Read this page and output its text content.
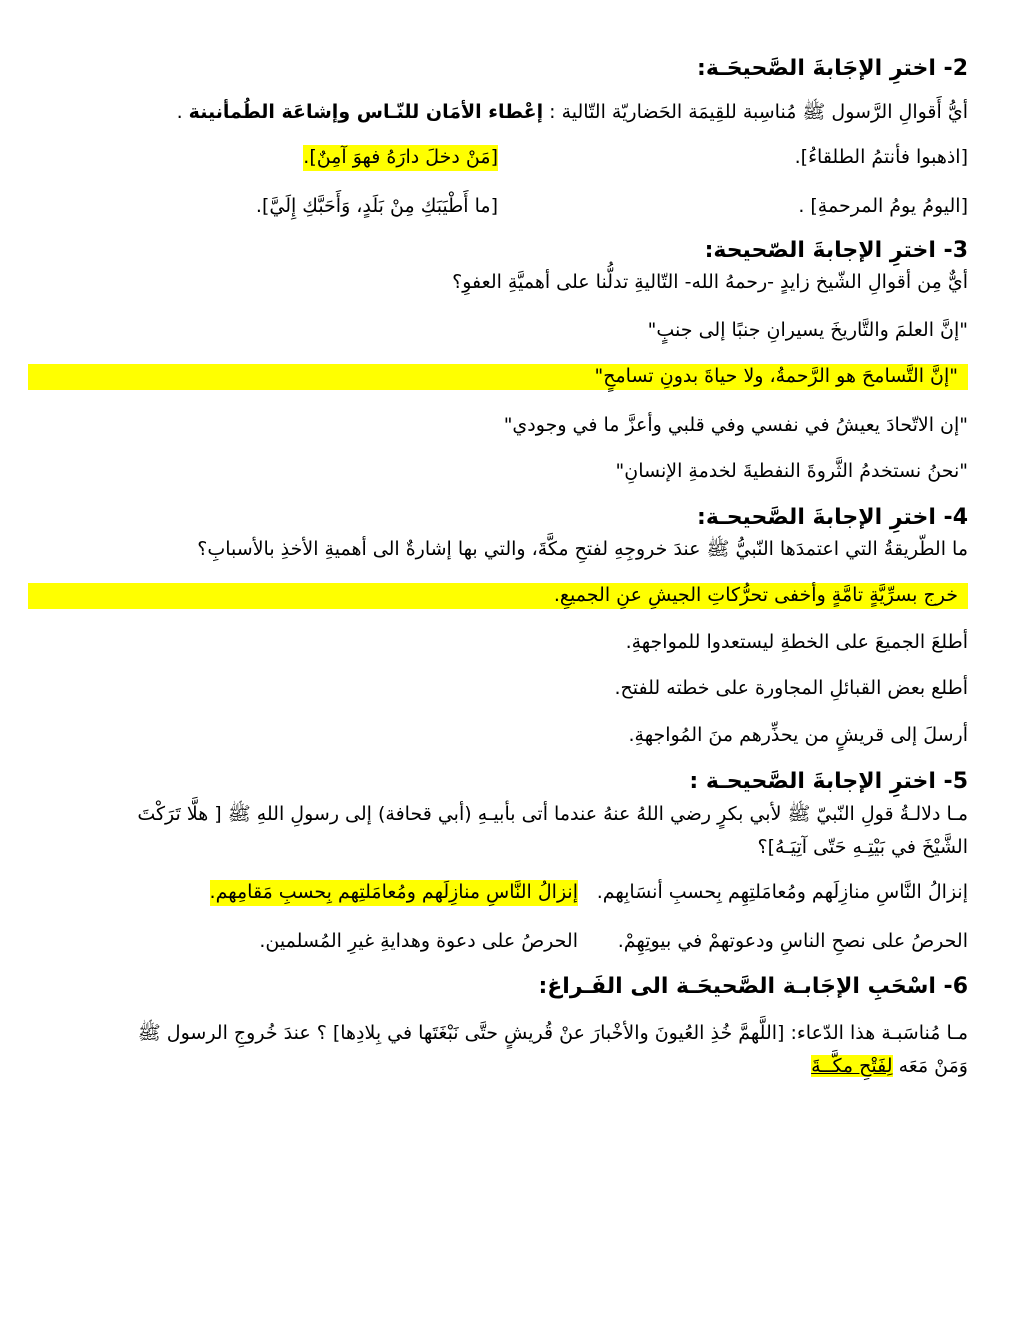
2- اخترِ الإجَابةَ الصَّحيحَـة:
أيُّ أَقوالِ الرَّسول ﷺ مُناسِبة للقِيمَة الحَضاريّة التّالية : إعْطاء الأمَان للنّـاس وإشاعَة الطُمأنينة .
[اذهبوا فأنتمُ الطلقاءُ].[مَنْ دخلَ دارَهُ فهوَ آمِنٌ].
[اليومُ يومُ المرحمةِ] .[ما أَطْيَبَكِ مِنْ بَلَدٍ، وَأَحَبَّكِ إِلَيَّ].
3- اخترِ الإجابةَ الصّحيحة:
أيٌّ مِن أقوالِ الشّيخ زايدٍ -رحمهُ الله- التّاليةِ تدلُّنا على أهميَّةِ العفوِ؟
"إنَّ العلمَ والتَّاريخَ يسيرانِ جنبًا إلى جنبٍ"
"إنَّ التَّسامحَ هو الرَّحمةُ، ولا حياةَ بدونِ تسامحٍ"
"إن الاتّحادَ يعيشُ في نفسي وفي قلبي وأعزَّ ما في وجودي"
"نحنُ نستخدمُ الثَّروةَ النفطيةَ لخدمةِ الإنسانِ"
4- اخترِ الإجابةَ الصَّحيحـة:
ما الطّريقةُ التي اعتمدَها النّبيُّ ﷺ عندَ خروجِهِ لفتحِ مكَّةَ، والتي بها إشارةٌ الى أهميةِ الأخذِ بالأسبابِ؟
خرج بسرِّيَّةٍ تامَّةٍ وأخفى تحرُّكاتِ الجيشِ عنِ الجميعِ.
أطلعَ الجميعَ على الخطةِ ليستعدوا للمواجهةِ.
أطلع بعض القبائلِ المجاورة على خطته للفتح.
أرسلَ إلى قريشٍ من يحذِّرهم منَ المُواجهةِ.
5- اخترِ الإجابةَ الصَّحيحـة :
مـا دلالـةُ قولِ النّبيّ ﷺ لأبي بكرٍ رضي اللهُ عنهُ عندما أتى بأبيـهِ (أبي قحافة) إلى رسولِ اللهِ ﷺ [ هلَّا تَرَكْتَ
الشَّيْخَ في بَيْتِـهِ حَتّى آتِيَـهُ]؟
إنزالُ النَّاسِ منازِلَهم ومُعامَلتِهِم بِحسبِ أنسَابِهم.إنزالُ النَّاسِ منازِلَهم ومُعامَلتِهم بِحسبِ مَقامِهم.
الحرصُ على نصحِ الناسِ ودعوتهمْ في بيوتِهِمْ.الحرصُ على دعوة وهدايةِ غيرِ المُسلمين.
6- اسْحَبِ الإجَابـة الصَّحيحَـة الى الفَـراغ:
مـا مُناسَبـة هذا الدّعاء: [اللَّهمَّ خُذِ العُيونَ والأخْبارَ عنْ قُريشٍ حتَّى نَبْغَتَها في بِلادِها] ؟ عندَ خُروجِ الرسول ﷺ
وَمَنْ مَعَه لِفَتْحِ مكَّــةَ
